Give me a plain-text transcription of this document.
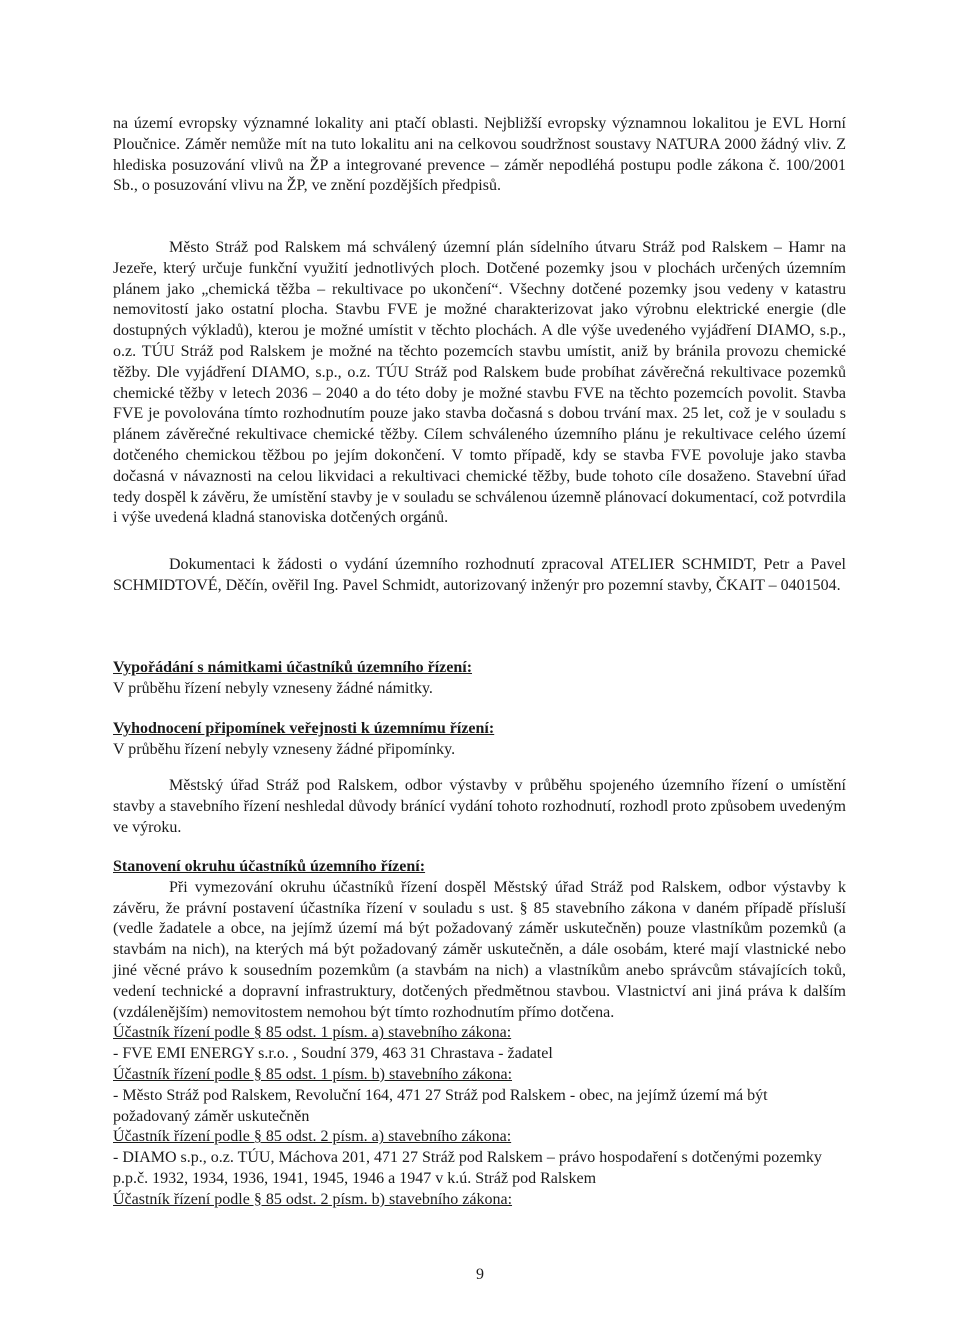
na území evropsky významné lokality ani ptačí oblasti. Nejbližší evropsky významnou lokalitou je EVL Horní Ploučnice. Záměr nemůže mít na tuto lokalitu ani na celkovou soudržnost soustavy NATURA 2000 žádný vliv. Z hlediska posuzování vlivů na ŽP a integrované prevence – záměr nepodléhá postupu podle zákona č. 100/2001 Sb., o posuzování vlivu na ŽP, ve znění pozdějších předpisů.
Město Stráž pod Ralskem má schválený územní plán sídelního útvaru Stráž pod Ralskem – Hamr na Jezeře, který určuje funkční využití jednotlivých ploch. Dotčené pozemky jsou v plochách určených územním plánem jako „chemická těžba – rekultivace po ukončení“. Všechny dotčené pozemky jsou vedeny v katastru nemovitostí jako ostatní plocha. Stavbu FVE je možné charakterizovat jako výrobnu elektrické energie (dle dostupných výkladů), kterou je možné umístit v těchto plochách. A dle výše uvedeného vyjádření DIAMO, s.p., o.z. TÚU Stráž pod Ralskem je možné na těchto pozemcích stavbu umístit, aniž by bránila provozu chemické těžby. Dle vyjádření DIAMO, s.p., o.z. TÚU Stráž pod Ralskem bude probíhat závěrečná rekultivace pozemků chemické těžby v letech 2036 – 2040 a do této doby je možné stavbu FVE na těchto pozemcích povolit. Stavba FVE je povolována tímto rozhodnutím pouze jako stavba dočasná s dobou trvání max. 25 let, což je v souladu s plánem závěrečné rekultivace chemické těžby. Cílem schváleného územního plánu je rekultivace celého území dotčeného chemickou těžbou po jejím dokončení. V tomto případě, kdy se stavba FVE povoluje jako stavba dočasná v návaznosti na celou likvidaci a rekultivaci chemické těžby, bude tohoto cíle dosaženo. Stavební úřad tedy dospěl k závěru, že umístění stavby je v souladu se schválenou územně plánovací dokumentací, což potvrdila i výše uvedená kladná stanoviska dotčených orgánů.
Dokumentaci k žádosti o vydání územního rozhodnutí zpracoval ATELIER SCHMIDT, Petr a Pavel SCHMIDTOVÉ, Děčín, ověřil Ing. Pavel Schmidt, autorizovaný inženýr pro pozemní stavby, ČKAIT – 0401504.
Vypořádání s námitkami účastníků územního řízení:
V průběhu řízení nebyly vzneseny žádné námitky.
Vyhodnocení připomínek veřejnosti k územnímu řízení:
V průběhu řízení nebyly vzneseny žádné připomínky.
Městský úřad Stráž pod Ralskem, odbor výstavby v průběhu spojeného územního řízení o umístění stavby a stavebního řízení neshledal důvody bránící vydání tohoto rozhodnutí, rozhodl proto způsobem uvedeným ve výroku.
Stanovení okruhu účastníků územního řízení:
Při vymezování okruhu účastníků řízení dospěl Městský úřad Stráž pod Ralskem, odbor výstavby k závěru, že právní postavení účastníka řízení v souladu s ust. § 85 stavebního zákona v daném případě přísluší (vedle žadatele a obce, na jejímž území má být požadovaný záměr uskutečněn) pouze vlastníkům pozemků (a stavbám na nich), na kterých má být požadovaný záměr uskutečněn, a dále osobám, které mají vlastnické nebo jiné věcné právo k sousedním pozemkům (a stavbám na nich) a vlastníkům anebo správcům stávajících toků, vedení technické a dopravní infrastruktury, dotčených předmětnou stavbou. Vlastnictví ani jiná práva k dalším (vzdálenějším) nemovitostem nemohou být tímto rozhodnutím přímo dotčena.
Účastník řízení podle § 85 odst. 1 písm. a) stavebního zákona:
- FVE EMI ENERGY s.r.o. , Soudní 379, 463 31 Chrastava - žadatel
Účastník řízení podle § 85 odst. 1 písm. b) stavebního zákona:
- Město Stráž pod Ralskem, Revoluční 164, 471 27 Stráž pod Ralskem - obec, na jejímž území má být požadovaný záměr uskutečněn
Účastník řízení podle § 85 odst. 2 písm. a) stavebního zákona:
- DIAMO s.p., o.z. TÚU, Máchova 201, 471 27 Stráž pod Ralskem – právo hospodaření s dotčenými pozemky p.p.č. 1932, 1934, 1936, 1941, 1945, 1946 a 1947 v k.ú. Stráž pod Ralskem
Účastník řízení podle § 85 odst. 2 písm. b) stavebního zákona:
9
